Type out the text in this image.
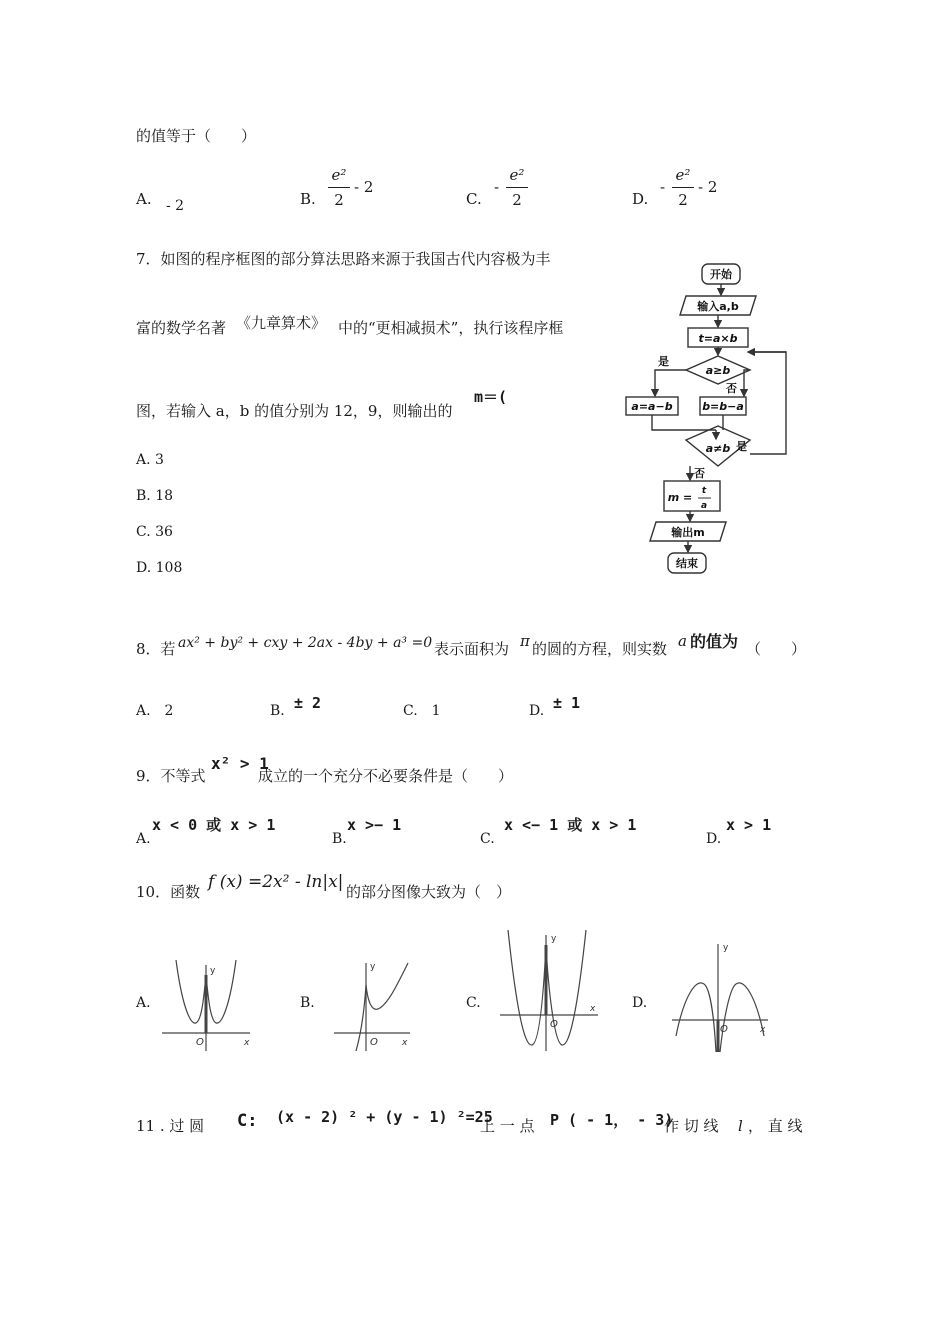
的值等于（　　）
A. - 2	B.
e²
2
- 2
C.
-
e²
2	D.
-
e²
2
- 2
7．如图的程序框图的部分算法思路来源于我国古代内容极为丰
富的数学名著 《九章算术》 中的“更相减损术”，执行该程序框
图，若输入 a，b 的值分别为 12，9，则输出的
m＝(
A. 3
B. 18
C. 36
D. 108
开始
输入a,b
t=a×b
a≥b
是
否
a=a−b	b=b−a
a≠b 是
否
m = t
a
输出m
结束
8．若 ax² + by² + cxy + 2ax - 4by + a³ =0 表示面积为 π 的圆的方程，则实数 a 的值为 （　　）
A.　2	B. ± 2	C.　1	D. ± 1
9．不等式
x² > 1
成立的一个充分不必要条件是（　　）
A.
x < 0 或 x > 1
B.
x >− 1
C.
x <− 1 或 x > 1
D.
x > 1
10．函数 f (x) =2x² - ln|x| 的部分图像大致为（　）
A.	B.	C.	D.
y
x
O
y
x
O
y
x
O
y
x
O
11 . 过 圆 C: (x - 2) ² + (y - 1) ²=25
上 一 点 P ( - 1， - 3)
作 切 线 l ， 直 线
